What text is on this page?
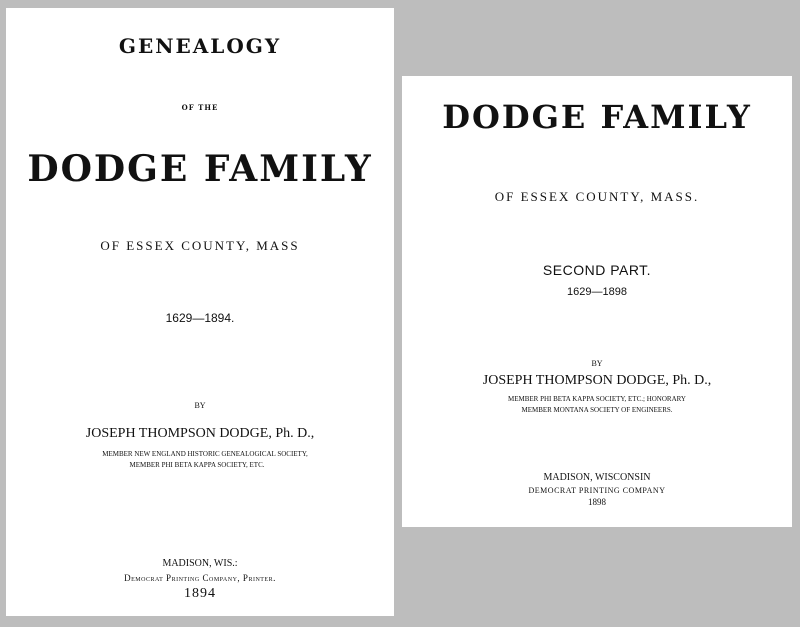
GENEALOGY
OF THE
DODGE FAMILY
OF ESSEX COUNTY, MASS
1629—1894.
BY
JOSEPH THOMPSON DODGE, Ph. D.,
MEMBER NEW ENGLAND HISTORIC GENEALOGICAL SOCIETY,
MEMBER PHI BETA KAPPA SOCIETY, ETC.
MADISON, WIS.:
Democrat Printing Company, Printer.
1894
DODGE FAMILY
OF ESSEX COUNTY, MASS.
SECOND PART.
1629—1898
BY
JOSEPH THOMPSON DODGE, Ph. D.,
MEMBER PHI BETA KAPPA SOCIETY, ETC.; HONORARY
MEMBER MONTANA SOCIETY OF ENGINEERS.
MADISON, WISCONSIN
DEMOCRAT PRINTING COMPANY
1898
